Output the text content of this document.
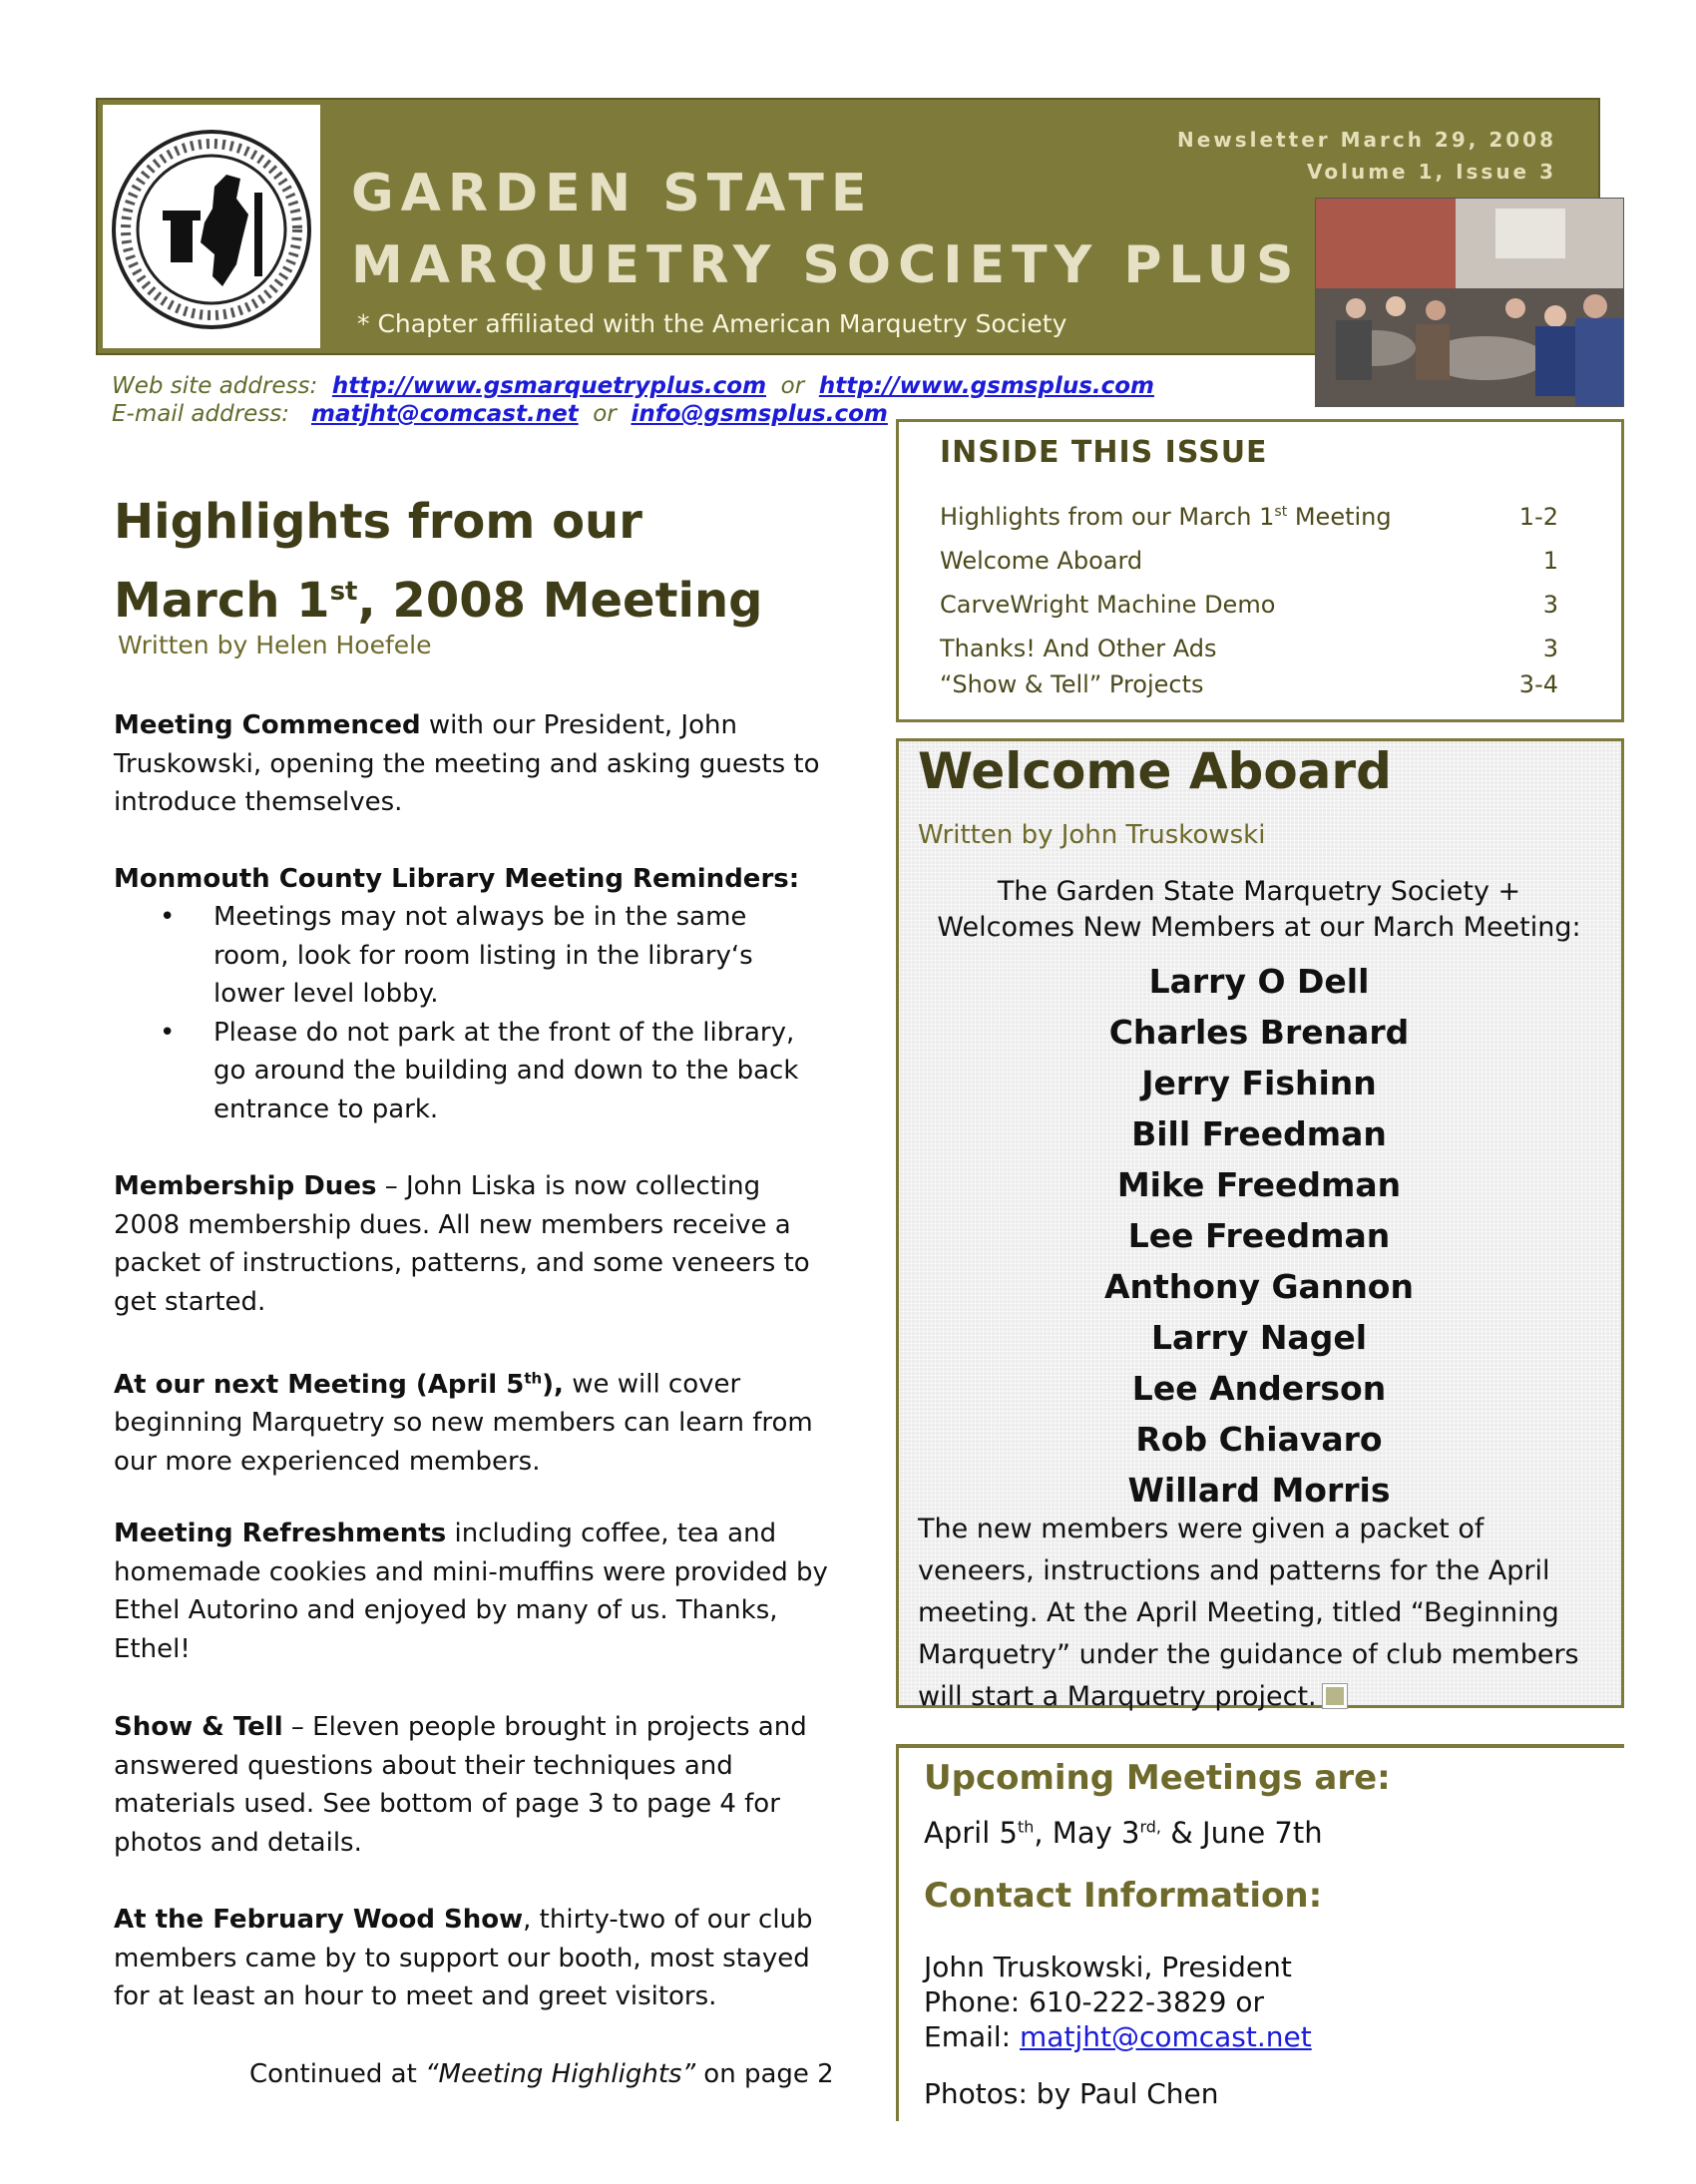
GARDEN STATE
MARQUETRY SOCIETY PLUS
* Chapter affiliated with the American Marquetry Society
Newsletter March 29, 2008
Volume 1, Issue 3
Web site address: http://www.gsmarquetryplus.com or http://www.gsmsplus.com
E-mail address: matjht@comcast.net or info@gsmsplus.com
Highlights from our
March 1st, 2008 Meeting
Written by Helen Hoefele

Meeting Commenced with our President, John Truskowski, opening the meeting and asking guests to introduce themselves.

Monmouth County Library Meeting Reminders:

• Meetings may not always be in the same room, look for room listing in the library‘s lower level lobby.
• Please do not park at the front of the library, go around the building and down to the back entrance to park.

Membership Dues – John Liska is now collecting 2008 membership dues. All new members receive a packet of instructions, patterns, and some veneers to get started.

At our next Meeting (April 5th), we will cover beginning Marquetry so new members can learn from our more experienced members.

Meeting Refreshments including coffee, tea and homemade cookies and mini-muffins were provided by Ethel Autorino and enjoyed by many of us. Thanks, Ethel!

Show & Tell – Eleven people brought in projects and answered questions about their techniques and materials used. See bottom of page 3 to page 4 for photos and details.

At the February Wood Show, thirty-two of our club members came by to support our booth, most stayed for at least an hour to meet and greet visitors.

Continued at “Meeting Highlights” on page 2
INSIDE THIS ISSUE
Highlights from our March 1st Meeting	1-2
Welcome Aboard	1
CarveWright Machine Demo	3
Thanks! And Other Ads	3
“Show & Tell” Projects	3-4
Welcome Aboard
Written by John Truskowski
The Garden State Marquetry Society +
Welcomes New Members at our March Meeting:
Larry O Dell
Charles Brenard
Jerry Fishinn
Bill Freedman
Mike Freedman
Lee Freedman
Anthony Gannon
Larry Nagel
Lee Anderson
Rob Chiavaro
Willard Morris
The new members were given a packet of veneers, instructions and patterns for the April meeting. At the April Meeting, titled “Beginning Marquetry” under the guidance of club members will start a Marquetry project.
Upcoming Meetings are:
April 5th, May $3^{rd,}$ & June 7th
Contact Information:
John Truskowski, President
Phone: 610-222-3829 or
Email: matjht@comcast.net
Photos: by Paul Chen
